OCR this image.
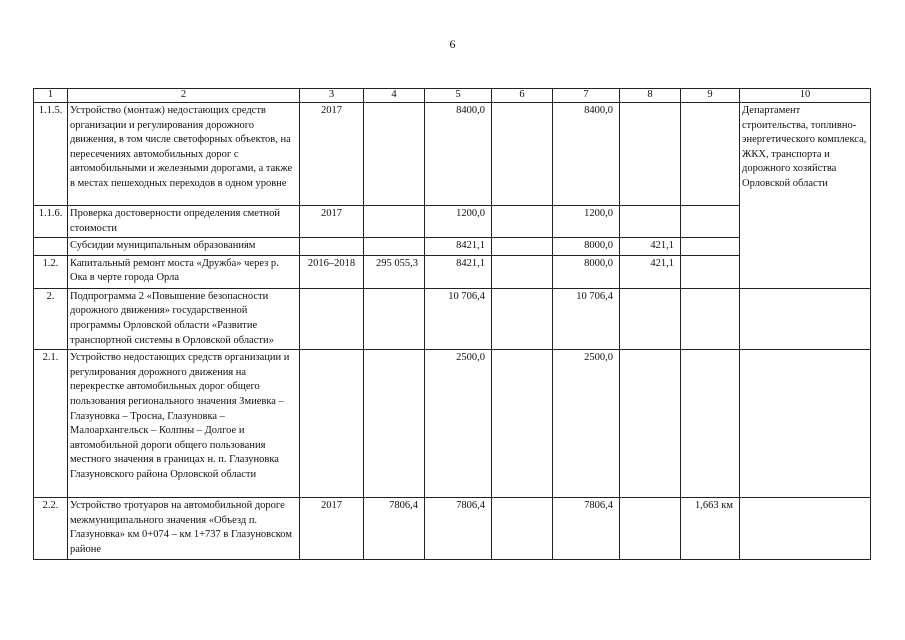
6
1	2	3	4	5	6	7	8	9	10
1.1.5.	Устройство (монтаж) недостающих средств организации и регулирования дорожного движения, в том числе светофорных объектов, на пересечениях автомобильных дорог с автомобильными и железными дорогами, а также в местах пешеходных переходов в одном уровне	2017		8400,0		8400,0			Департамент строительства, топливно-энергетического комплекса, ЖКХ, транспорта и дорожного хозяйства Орловской области
1.1.6.	Проверка достоверности определения сметной стоимости	2017		1200,0		1200,0			
	Субсидии муниципальным образованиям			8421,1		8000,0	421,1		
1.2.	Капитальный ремонт моста «Дружба» через р. Ока в черте города Орла	2016–2018	295 055,3	8421,1		8000,0	421,1		
2.	Подпрограмма 2 «Повышение безопасности дорожного движения» государственной программы Орловской области «Развитие транспортной системы в Орловской области»			10 706,4		10 706,4			
2.1.	Устройство недостающих средств организации и регулирования дорожного движения на перекрестке автомобильных дорог общего пользования регионального значения Змиевка – Глазуновка – Тросна, Глазуновка – Малоархангельск – Колпны – Долгое и автомобильной дороги общего пользования местного значения в границах н. п. Глазуновка Глазуновского района Орловской области			2500,0		2500,0			
2.2.	Устройство тротуаров на автомобильной дороге межмуниципального значения «Объезд п. Глазуновка» км 0+074 – км 1+737 в Глазуновском районе	2017	7806,4	7806,4		7806,4		1,663 км	
